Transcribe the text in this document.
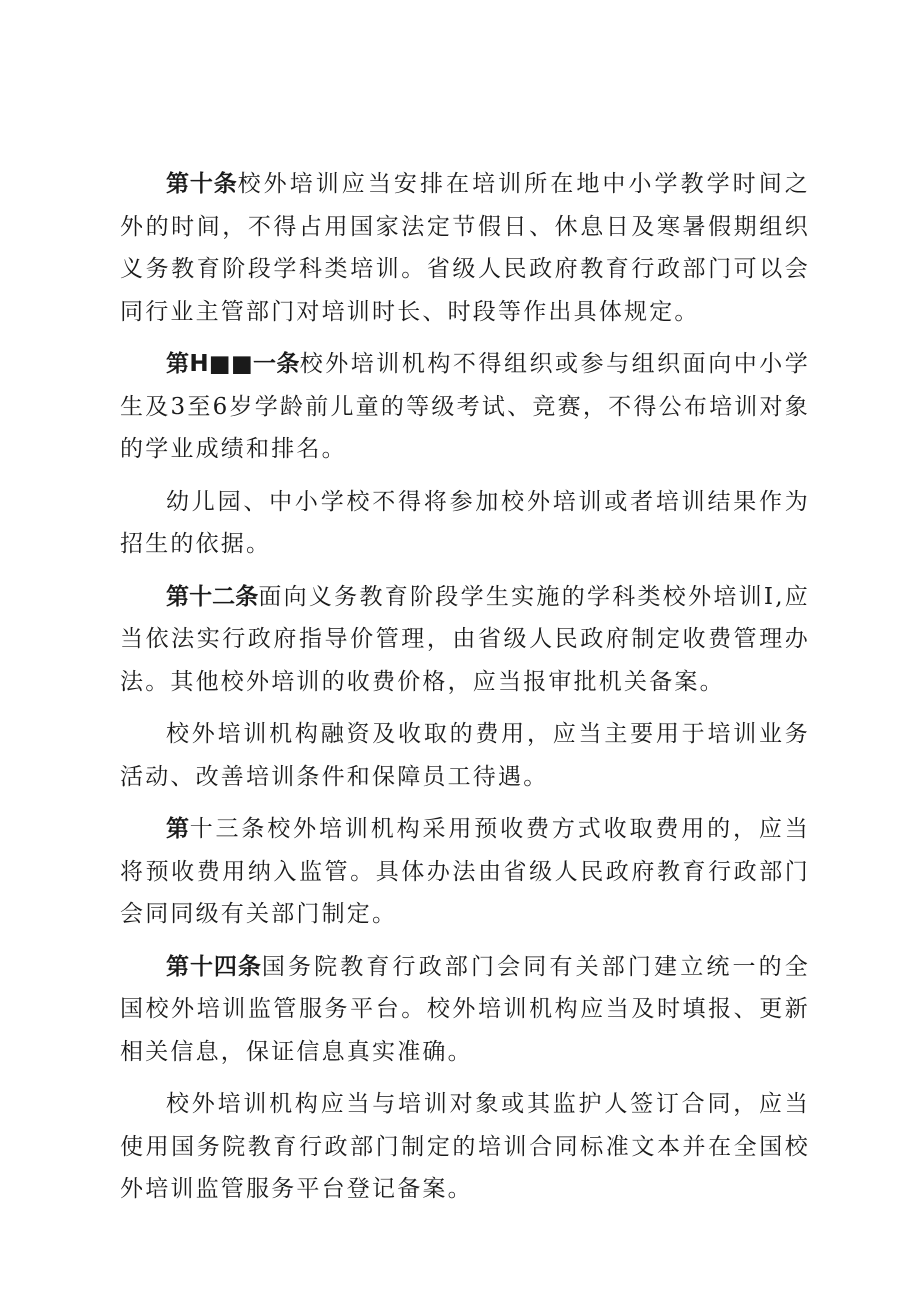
第十条校外培训应当安排在培训所在地中小学教学时间之外的时间，不得占用国家法定节假日、休息日及寒暑假期组织义务教育阶段学科类培训。省级人民政府教育行政部门可以会同行业主管部门对培训时长、时段等作出具体规定。

第H■■一条校外培训机构不得组织或参与组织面向中小学生及3至6岁学龄前儿童的等级考试、竞赛，不得公布培训对象的学业成绩和排名。

幼儿园、中小学校不得将参加校外培训或者培训结果作为招生的依据。

第十二条面向义务教育阶段学生实施的学科类校外培训I,应当依法实行政府指导价管理，由省级人民政府制定收费管理办法。其他校外培训的收费价格，应当报审批机关备案。

校外培训机构融资及收取的费用，应当主要用于培训业务活动、改善培训条件和保障员工待遇。

第十三条校外培训机构采用预收费方式收取费用的，应当将预收费用纳入监管。具体办法由省级人民政府教育行政部门会同同级有关部门制定。

第十四条国务院教育行政部门会同有关部门建立统一的全国校外培训监管服务平台。校外培训机构应当及时填报、更新相关信息，保证信息真实准确。

校外培训机构应当与培训对象或其监护人签订合同，应当使用国务院教育行政部门制定的培训合同标准文本并在全国校外培训监管服务平台登记备案。
